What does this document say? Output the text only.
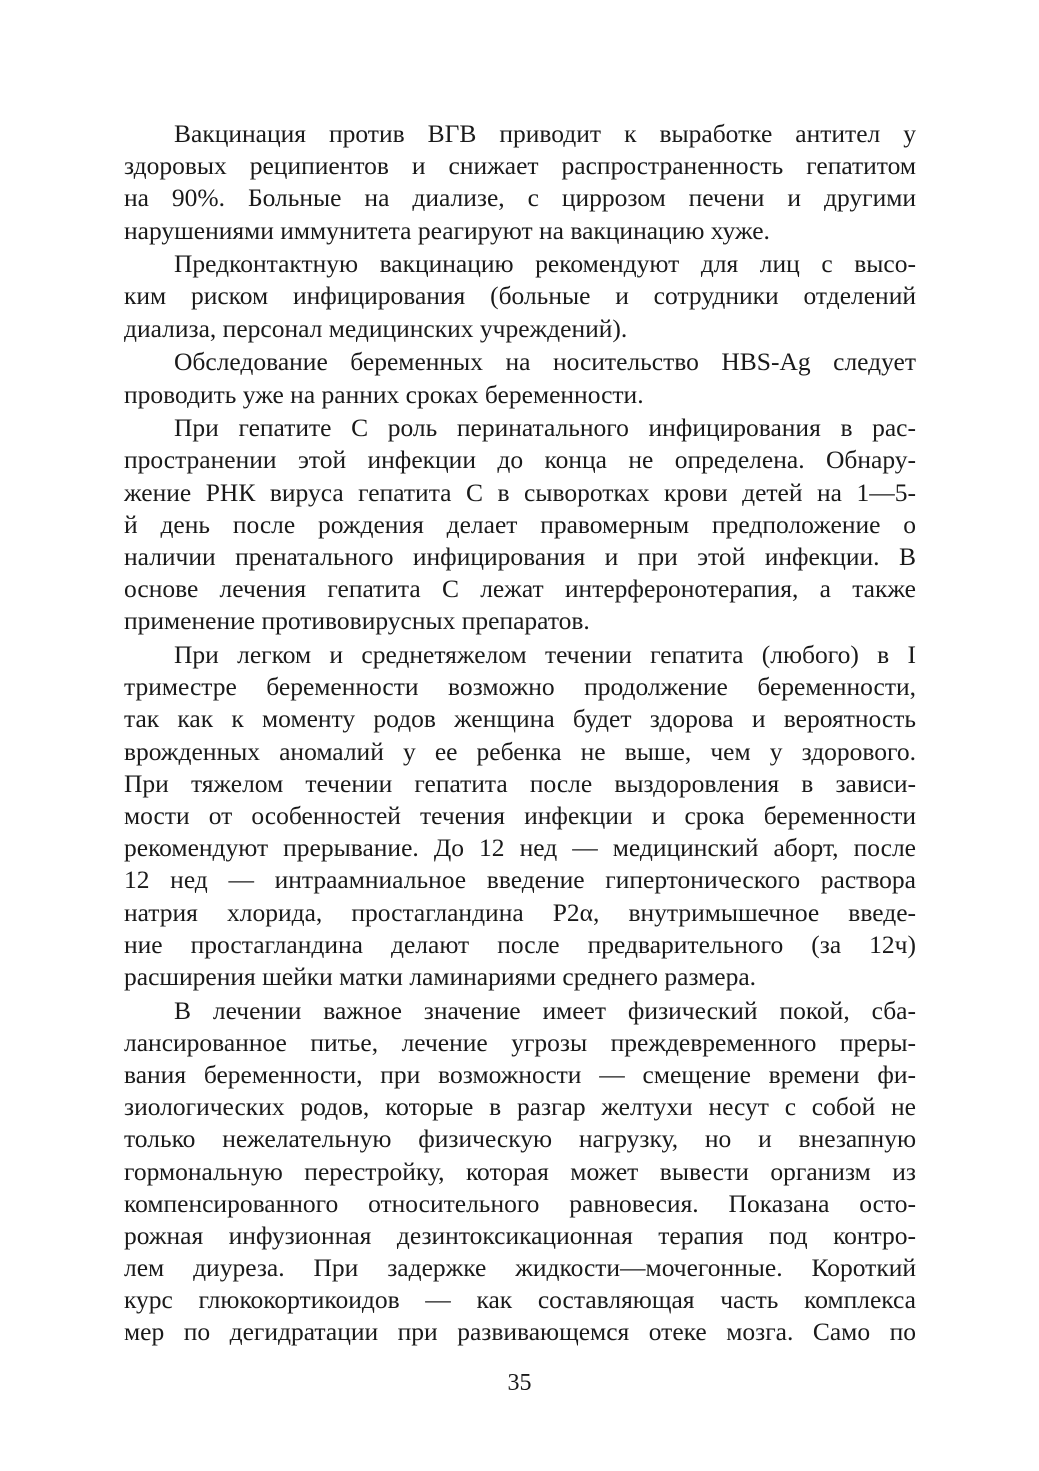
Вакцинация против ВГВ приводит к выработке антител у
здоровых реципиентов и снижает распространенность гепатитом
на 90%. Больные на диализе, с циррозом печени и другими
нарушениями иммунитета реагируют на вакцинацию хуже.
Предконтактную вакцинацию рекомендуют для лиц с высо-
ким риском инфицирования (больные и сотрудники отделений
диализа, персонал медицинских учреждений).
Обследование беременных на носительство HBS-Ag следует
проводить уже на ранних сроках беременности.
При гепатите С роль перинатального инфицирования в рас-
пространении этой инфекции до конца не определена. Обнару-
жение РНК вируса гепатита С в сыворотках крови детей на 1—5-
й день после рождения делает правомерным предположение о
наличии пренатального инфицирования и при этой инфекции. В
основе лечения гепатита С лежат интерферонотерапия, а также
применение противовирусных препаратов.
При легком и среднетяжелом течении гепатита (любого) в I
триместре беременности возможно продолжение беременности,
так как к моменту родов женщина будет здорова и вероятность
врожденных аномалий у ее ребенка не выше, чем у здорового.
При тяжелом течении гепатита после выздоровления в зависи-
мости от особенностей течения инфекции и срока беременности
рекомендуют прерывание. До 12 нед — медицинский аборт, после
12 нед — интраамниальное введение гипертонического раствора
натрия хлорида, простагландина Р2α, внутримышечное введе-
ние простагландина делают после предварительного (за 12ч)
расширения шейки матки ламинариями среднего размера.
В лечении важное значение имеет физический покой, сба-
лансированное питье, лечение угрозы преждевременного преры-
вания беременности, при возможности — смещение времени фи-
зиологических родов, которые в разгар желтухи несут с собой не
только нежелательную физическую нагрузку, но и внезапную
гормональную перестройку, которая может вывести организм из
компенсированного относительного равновесия. Показана осто-
рожная инфузионная дезинтоксикационная терапия под контро-
лем диуреза. При задержке жидкости—мочегонные. Короткий
курс глюкокортикоидов — как составляющая часть комплекса
мер по дегидратации при развивающемся отеке мозга. Само по
35
